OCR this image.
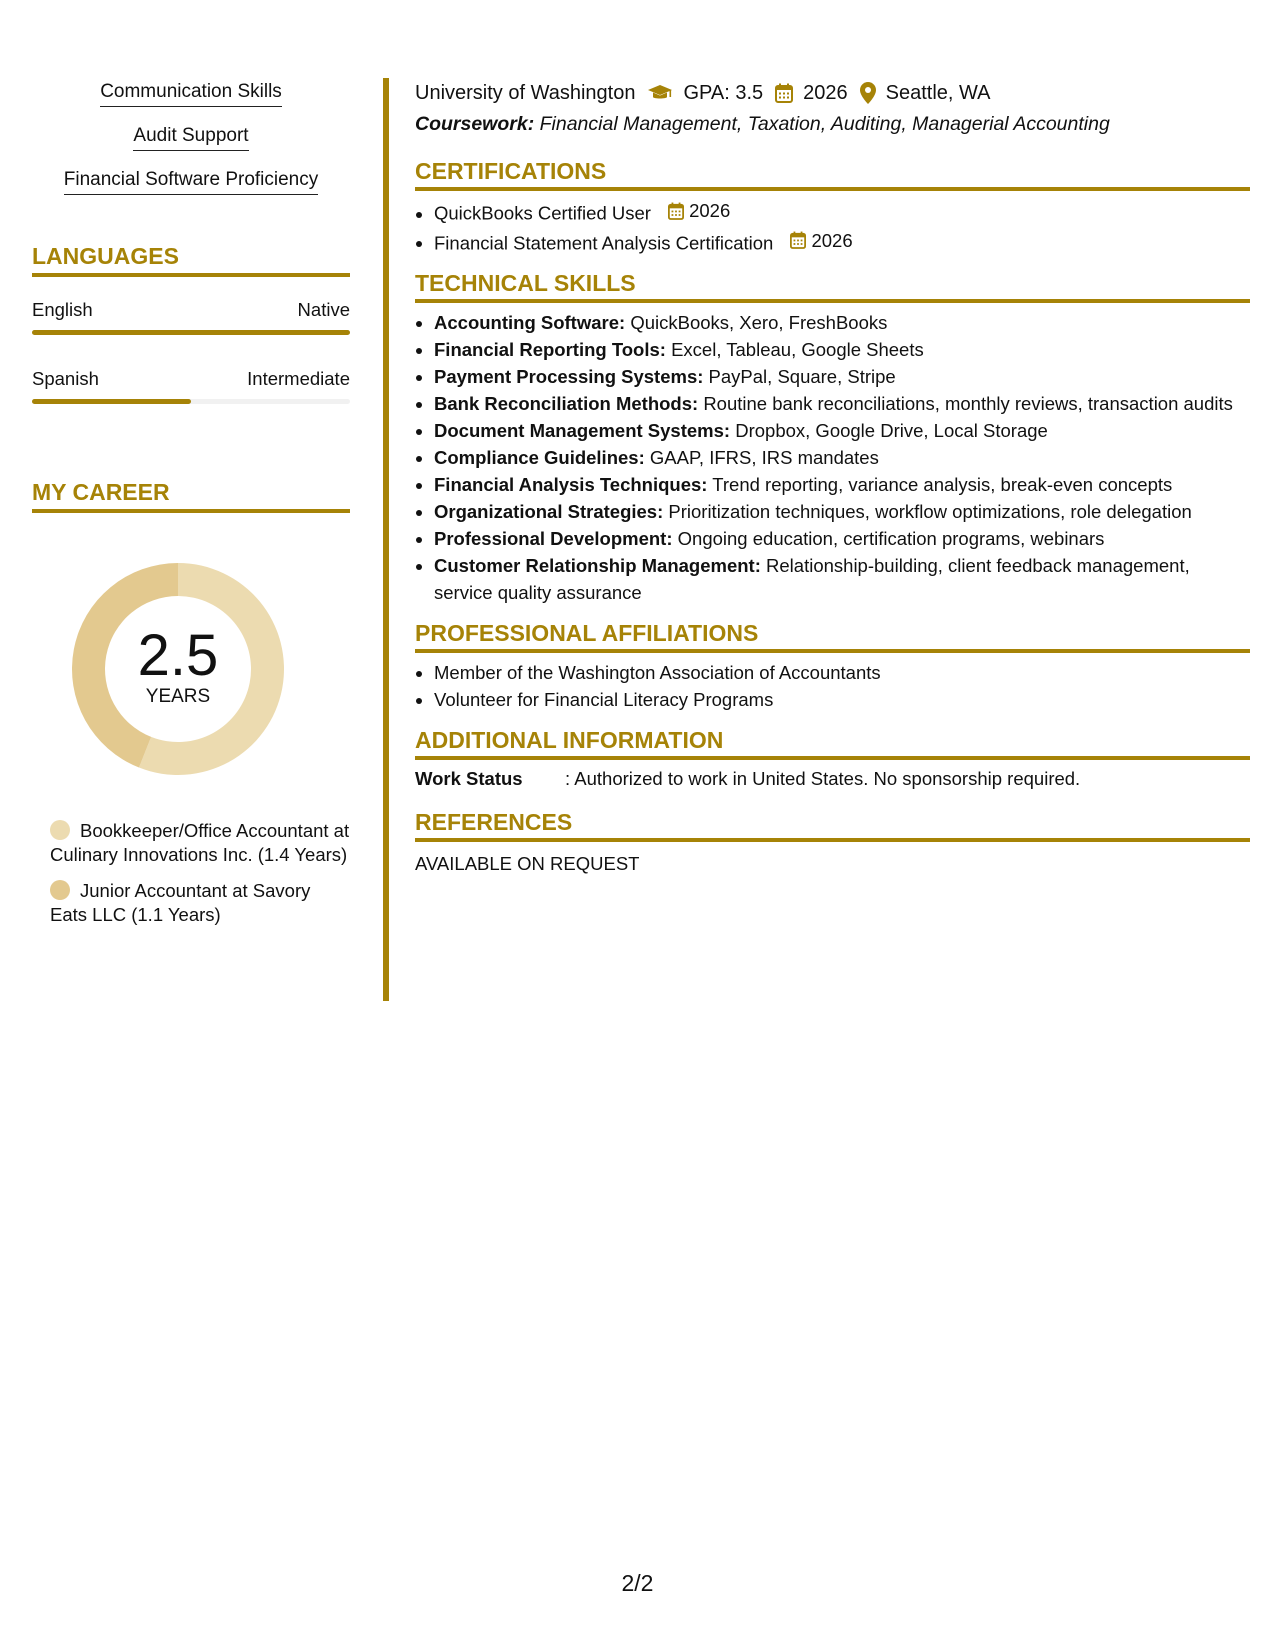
Communication Skills
Audit Support
Financial Software Proficiency
LANGUAGES
English	Native
Spanish	Intermediate
MY CAREER
2.5
YEARS
Bookkeeper/Office Accountant at Culinary Innovations Inc. (1.4 Years)
Junior Accountant at Savory Eats LLC (1.1 Years)
University of Washington GPA: 3.5 2026 Seattle, WA
Coursework: Financial Management, Taxation, Auditing, Managerial Accounting
CERTIFICATIONS
• QuickBooks Certified User 2026
• Financial Statement Analysis Certification 2026
TECHNICAL SKILLS
• Accounting Software: QuickBooks, Xero, FreshBooks
• Financial Reporting Tools: Excel, Tableau, Google Sheets
• Payment Processing Systems: PayPal, Square, Stripe
• Bank Reconciliation Methods: Routine bank reconciliations, monthly reviews, transaction audits
• Document Management Systems: Dropbox, Google Drive, Local Storage
• Compliance Guidelines: GAAP, IFRS, IRS mandates
• Financial Analysis Techniques: Trend reporting, variance analysis, break-even concepts
• Organizational Strategies: Prioritization techniques, workflow optimizations, role delegation
• Professional Development: Ongoing education, certification programs, webinars
• Customer Relationship Management: Relationship-building, client feedback management, service quality assurance
PROFESSIONAL AFFILIATIONS
• Member of the Washington Association of Accountants
• Volunteer for Financial Literacy Programs
ADDITIONAL INFORMATION
Work Status	: Authorized to work in United States. No sponsorship required.
REFERENCES
AVAILABLE ON REQUEST
2/2
